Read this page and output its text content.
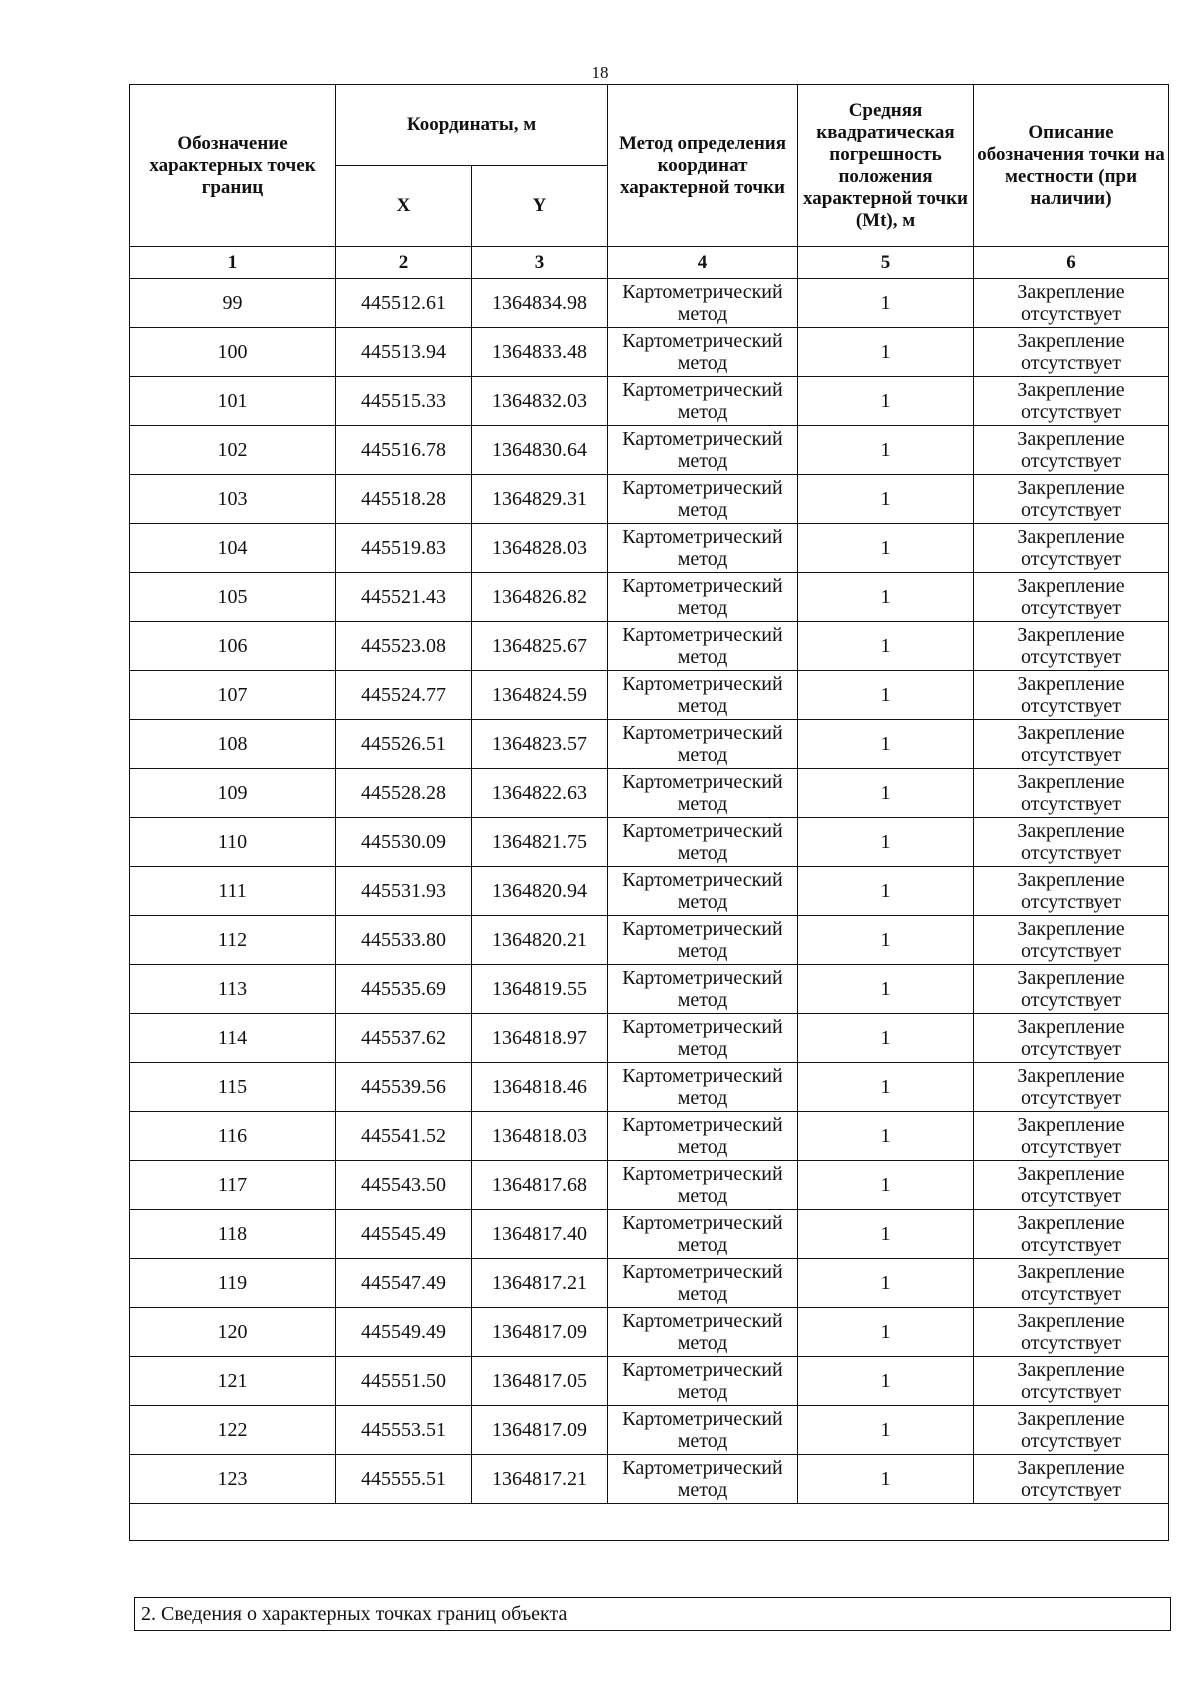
18
Обозначение характерных точек границ	Координаты, м		Метод определения координат характерной точки	Средняя квадратическая погрешность положения характерной точки (Mt), м	Описание обозначения точки на местности (при наличии)
	X	Y			
1	2	3	4	5	6
99	445512.61	1364834.98	Картометрический метод	1	Закрепление отсутствует
100	445513.94	1364833.48	Картометрический метод	1	Закрепление отсутствует
101	445515.33	1364832.03	Картометрический метод	1	Закрепление отсутствует
102	445516.78	1364830.64	Картометрический метод	1	Закрепление отсутствует
103	445518.28	1364829.31	Картометрический метод	1	Закрепление отсутствует
104	445519.83	1364828.03	Картометрический метод	1	Закрепление отсутствует
105	445521.43	1364826.82	Картометрический метод	1	Закрепление отсутствует
106	445523.08	1364825.67	Картометрический метод	1	Закрепление отсутствует
107	445524.77	1364824.59	Картометрический метод	1	Закрепление отсутствует
108	445526.51	1364823.57	Картометрический метод	1	Закрепление отсутствует
109	445528.28	1364822.63	Картометрический метод	1	Закрепление отсутствует
110	445530.09	1364821.75	Картометрический метод	1	Закрепление отсутствует
111	445531.93	1364820.94	Картометрический метод	1	Закрепление отсутствует
112	445533.80	1364820.21	Картометрический метод	1	Закрепление отсутствует
113	445535.69	1364819.55	Картометрический метод	1	Закрепление отсутствует
114	445537.62	1364818.97	Картометрический метод	1	Закрепление отсутствует
115	445539.56	1364818.46	Картометрический метод	1	Закрепление отсутствует
116	445541.52	1364818.03	Картометрический метод	1	Закрепление отсутствует
117	445543.50	1364817.68	Картометрический метод	1	Закрепление отсутствует
118	445545.49	1364817.40	Картометрический метод	1	Закрепление отсутствует
119	445547.49	1364817.21	Картометрический метод	1	Закрепление отсутствует
120	445549.49	1364817.09	Картометрический метод	1	Закрепление отсутствует
121	445551.50	1364817.05	Картометрический метод	1	Закрепление отсутствует
122	445553.51	1364817.09	Картометрический метод	1	Закрепление отсутствует
123	445555.51	1364817.21	Картометрический метод	1	Закрепление отсутствует

2. Сведения о характерных точках границ объекта
